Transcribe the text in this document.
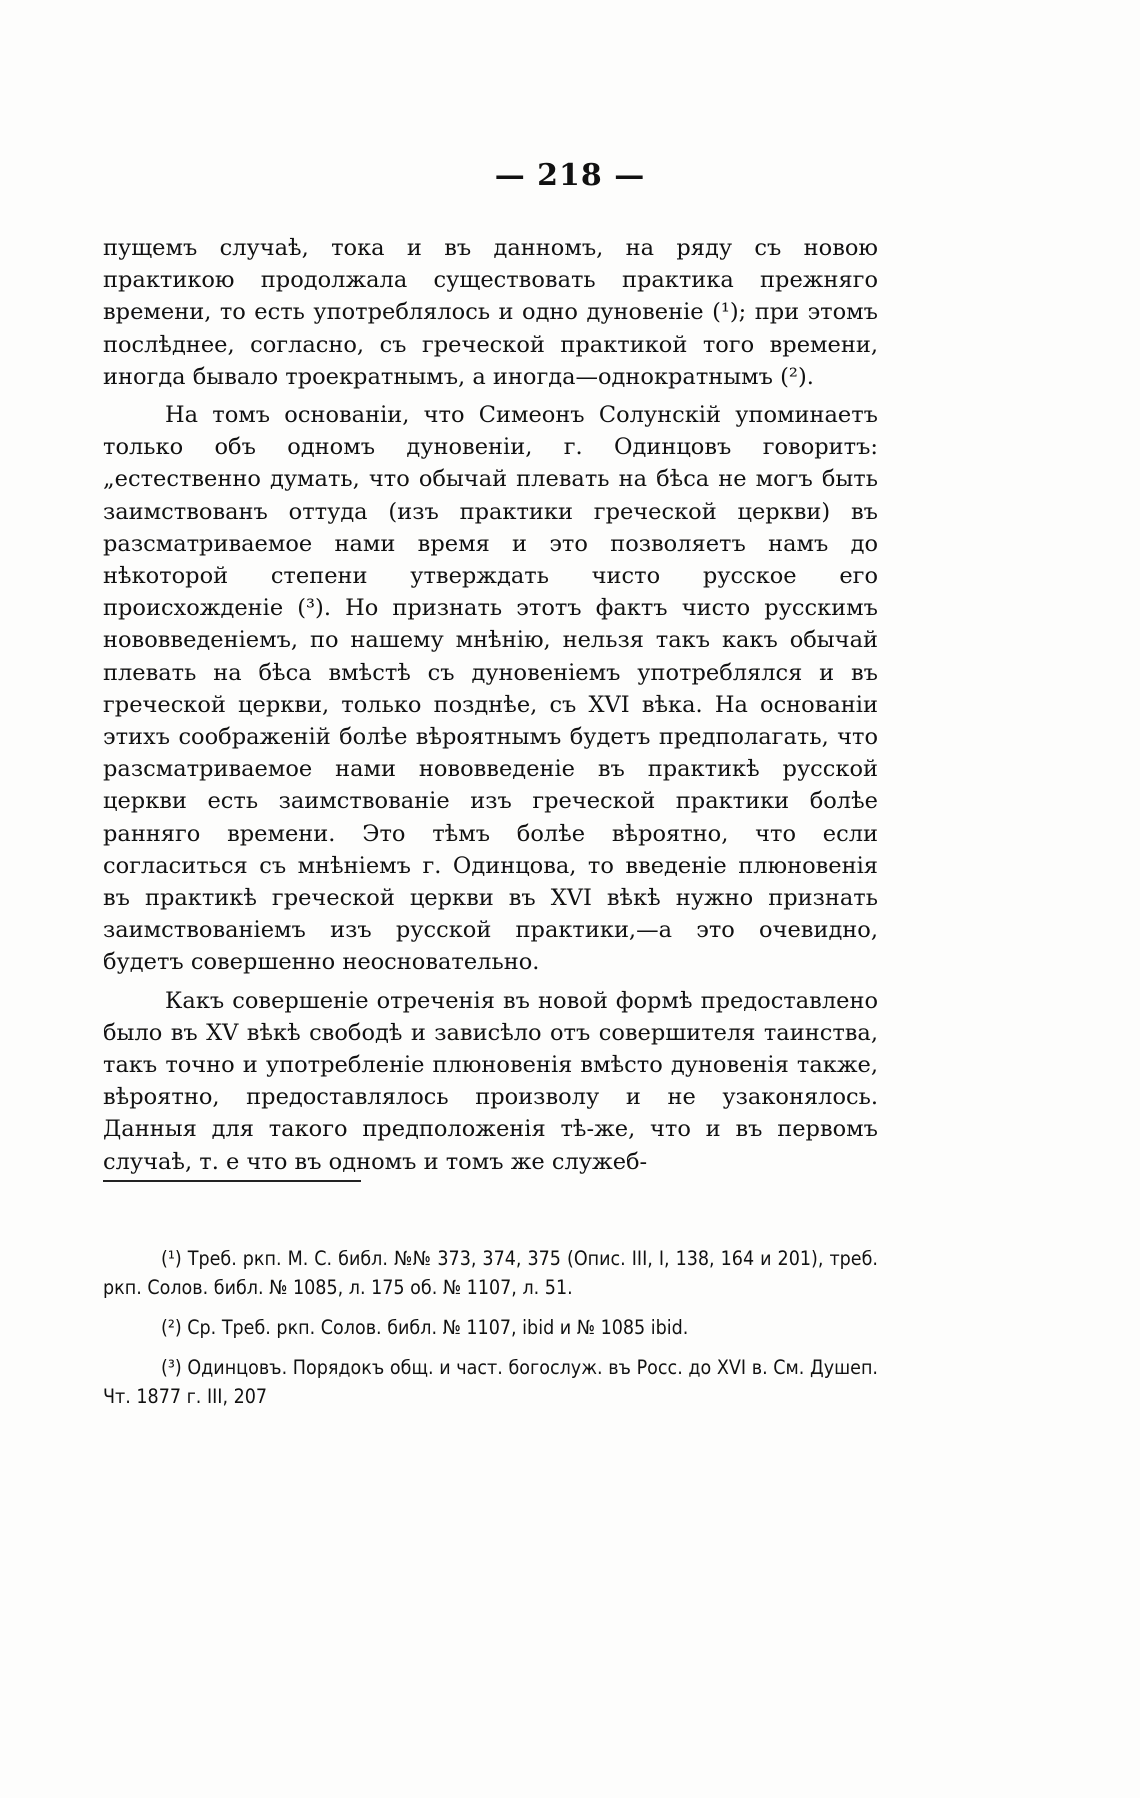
— 218 —

пущемъ случаѣ, тока и въ данномъ, на ряду съ новою практикою продолжала существовать практика прежняго времени, то есть употреблялось и одно дуновеніе (¹); при этомъ послѣднее, согласно, съ греческой практикой того времени, иногда бывало троекратнымъ, а иногда—однократнымъ (²).

На томъ основаніи, что Симеонъ Солунскій упоминаетъ только объ одномъ дуновеніи, г. Одинцовъ говоритъ: „естественно думать, что обычай плевать на бѣса не могъ быть заимствованъ оттуда (изъ практики греческой церкви) въ разсматриваемое нами время и это позволяетъ намъ до нѣкоторой степени утверждать чисто русское его происхожденіе (³). Но признать этотъ фактъ чисто русскимъ нововведеніемъ, по нашему мнѣнію, нельзя такъ какъ обычай плевать на бѣса вмѣстѣ съ дуновеніемъ употреблялся и въ греческой церкви, только позднѣе, съ XVI вѣка. На основаніи этихъ соображеній болѣе вѣроятнымъ будетъ предполагать, что разсматриваемое нами нововведеніе въ практикѣ русской церкви есть заимствованіе изъ греческой практики болѣе ранняго времени. Это тѣмъ болѣе вѣроятно, что если согласиться съ мнѣніемъ г. Одинцова, то введеніе плюновенія въ практикѣ греческой церкви въ XVI вѣкѣ нужно признать заимствованіемъ изъ русской практики,—а это очевидно, будетъ совершенно неосновательно.

Какъ совершеніе отреченія въ новой формѣ предоставлено было въ XV вѣкѣ свободѣ и зависѣло отъ совершителя таинства, такъ точно и употребленіе плюновенія вмѣсто дуновенія также, вѣроятно, предоставлялось произволу и не узаконялось. Данныя для такого предположенія тѣ-же, что и въ первомъ случаѣ, т. е что въ одномъ и томъ же служеб-

(¹) Треб. ркп. М. С. библ. №№ 373, 374, 375 (Опис. III, I, 138, 164 и 201), треб. ркп. Солов. библ. № 1085, л. 175 об. № 1107, л. 51.

(²) Ср. Треб. ркп. Солов. библ. № 1107, ibid и № 1085 ibid.

(³) Одинцовъ. Порядокъ общ. и част. богослуж. въ Росс. до XVI в. См. Душеп. Чт. 1877 г. III, 207
